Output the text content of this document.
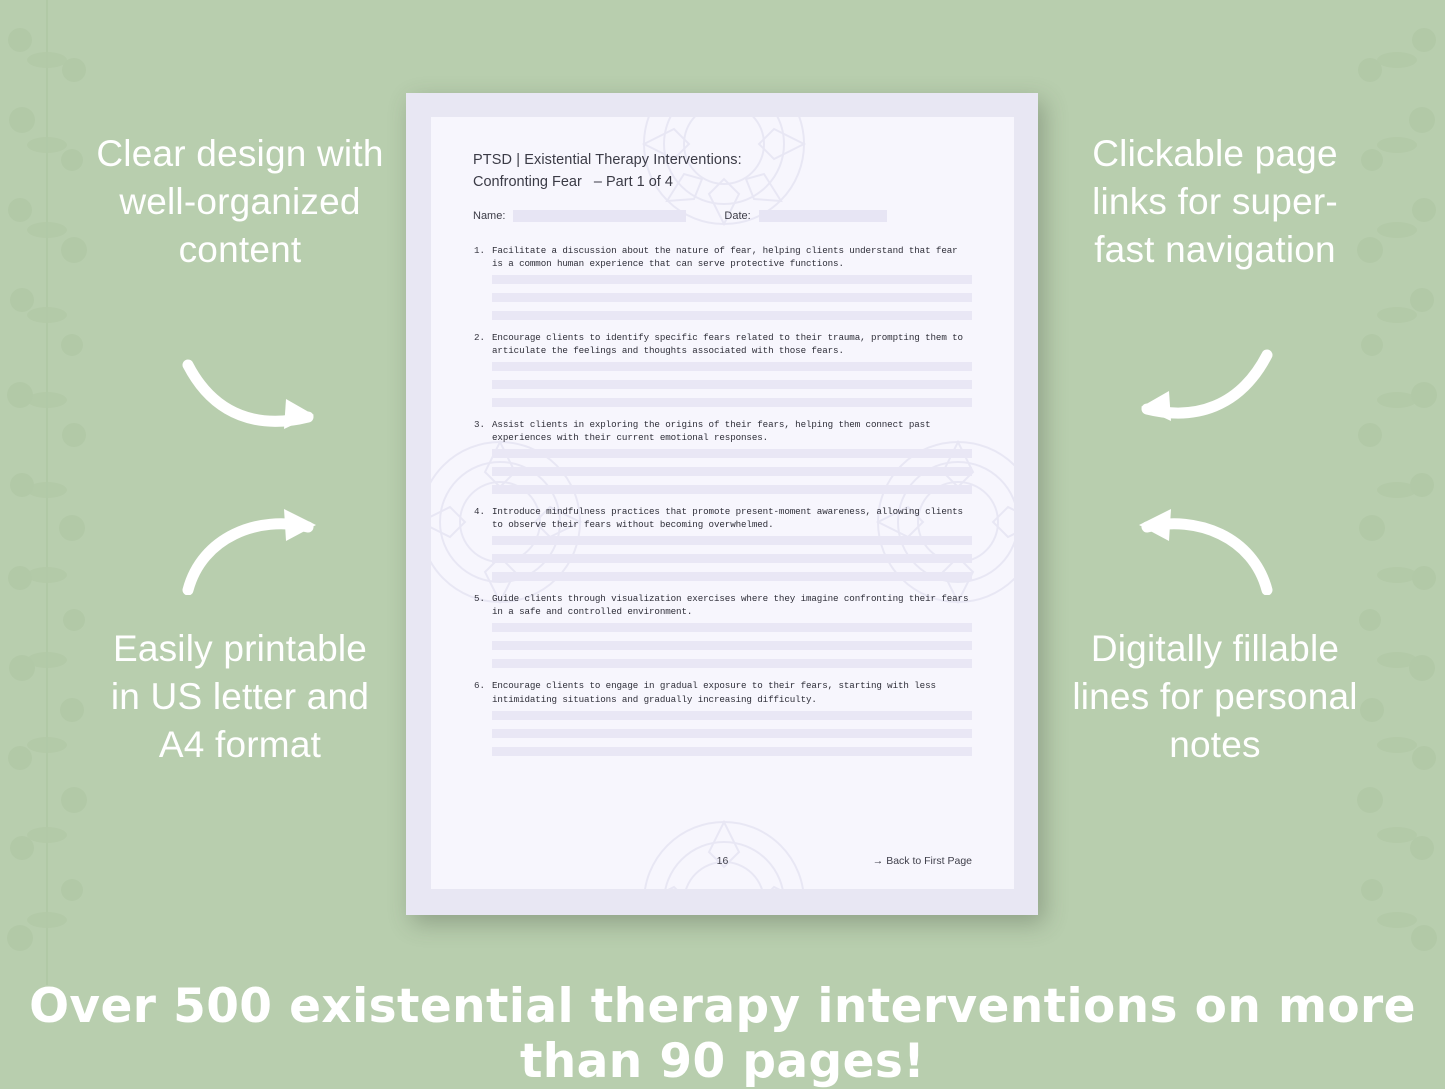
Clear design with well-organized content
Easily printable in US letter and A4 format
Clickable page links for super-fast navigation
Digitally fillable lines for personal notes
PTSD | Existential Therapy Interventions:
Confronting Fear – Part 1 of 4
Name:	Date:
1. Facilitate a discussion about the nature of fear, helping clients understand that fear is a common human experience that can serve protective functions.
2. Encourage clients to identify specific fears related to their trauma, prompting them to articulate the feelings and thoughts associated with those fears.
3. Assist clients in exploring the origins of their fears, helping them connect past experiences with their current emotional responses.
4. Introduce mindfulness practices that promote present-moment awareness, allowing clients to observe their fears without becoming overwhelmed.
5. Guide clients through visualization exercises where they imagine confronting their fears in a safe and controlled environment.
6. Encourage clients to engage in gradual exposure to their fears, starting with less intimidating situations and gradually increasing difficulty.
16	→ Back to First Page
Over 500 existential therapy interventions on more than 90 pages!
